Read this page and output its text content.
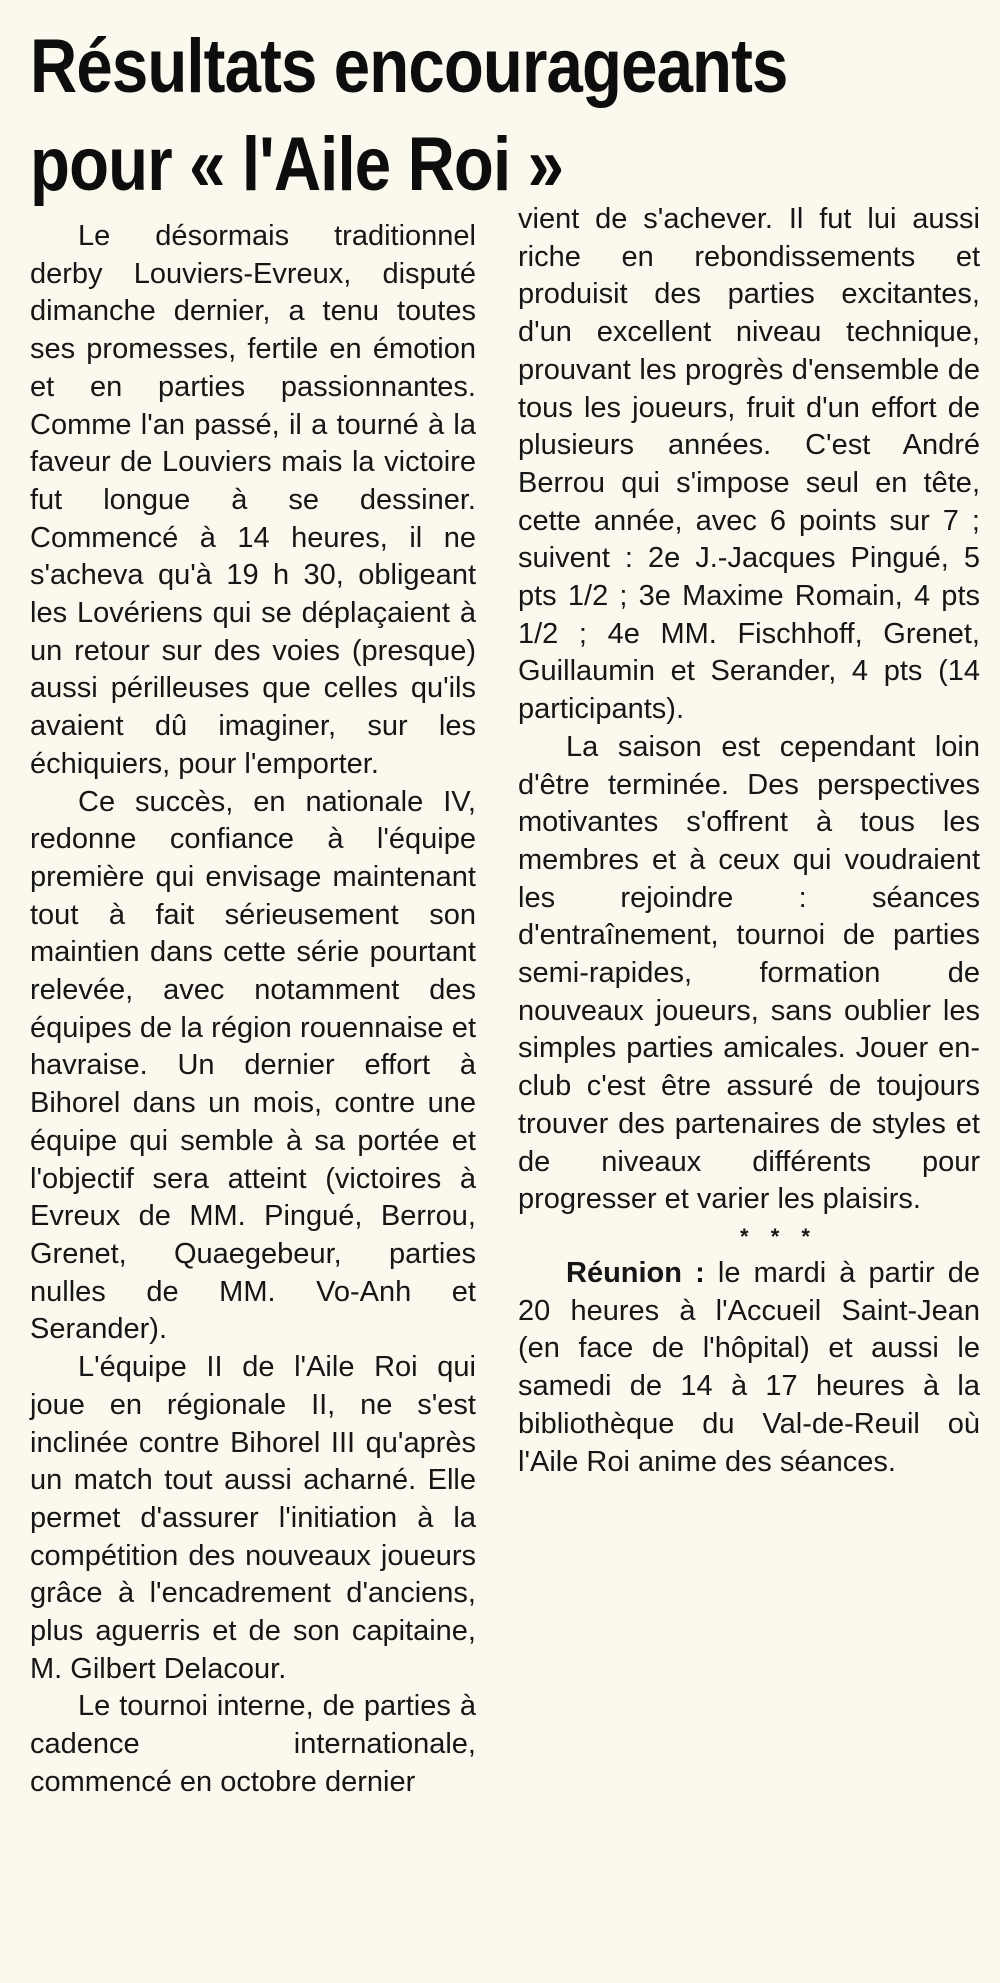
Résultats encourageants
pour « l'Aile Roi »

Le désormais traditionnel derby Louviers-Evreux, disputé dimanche dernier, a tenu toutes ses promesses, fertile en émotion et en parties passionnantes. Comme l'an passé, il a tourné à la faveur de Louviers mais la victoire fut longue à se dessiner. Commencé à 14 heures, il ne s'acheva qu'à 19 h 30, obligeant les Lovériens qui se déplaçaient à un retour sur des voies (presque) aussi périlleuses que celles qu'ils avaient dû imaginer, sur les échiquiers, pour l'emporter.

Ce succès, en nationale IV, redonne confiance à l'équipe première qui envisage maintenant tout à fait sérieusement son maintien dans cette série pourtant relevée, avec notamment des équipes de la région rouennaise et havraise. Un dernier effort à Bihorel dans un mois, contre une équipe qui semble à sa portée et l'objectif sera atteint (victoires à Evreux de MM. Pingué, Berrou, Grenet, Quaegebeur, parties nulles de MM. Vo-Anh et Serander).

L'équipe II de l'Aile Roi qui joue en régionale II, ne s'est inclinée contre Bihorel III qu'après un match tout aussi acharné. Elle permet d'assurer l'initiation à la compétition des nouveaux joueurs grâce à l'encadrement d'anciens, plus aguerris et de son capitaine, M. Gilbert Delacour.

Le tournoi interne, de parties à cadence internationale, commencé en octobre dernier

vient de s'achever. Il fut lui aussi riche en rebondissements et produisit des parties excitantes, d'un excellent niveau technique, prouvant les progrès d'ensemble de tous les joueurs, fruit d'un effort de plusieurs années. C'est André Berrou qui s'impose seul en tête, cette année, avec 6 points sur 7 ; suivent : 2e J.-Jacques Pingué, 5 pts 1/2 ; 3e Maxime Romain, 4 pts 1/2 ; 4e MM. Fischhoff, Grenet, Guillaumin et Serander, 4 pts (14 participants).

La saison est cependant loin d'être terminée. Des perspectives motivantes s'offrent à tous les membres et à ceux qui voudraient les rejoindre : séances d'entraînement, tournoi de parties semi-rapides, formation de nouveaux joueurs, sans oublier les simples parties amicales. Jouer en-club c'est être assuré de toujours trouver des partenaires de styles et de niveaux différents pour progresser et varier les plaisirs.

* * *

Réunion : le mardi à partir de 20 heures à l'Accueil Saint-Jean (en face de l'hôpital) et aussi le samedi de 14 à 17 heures à la bibliothèque du Val-de-Reuil où l'Aile Roi anime des séances.
